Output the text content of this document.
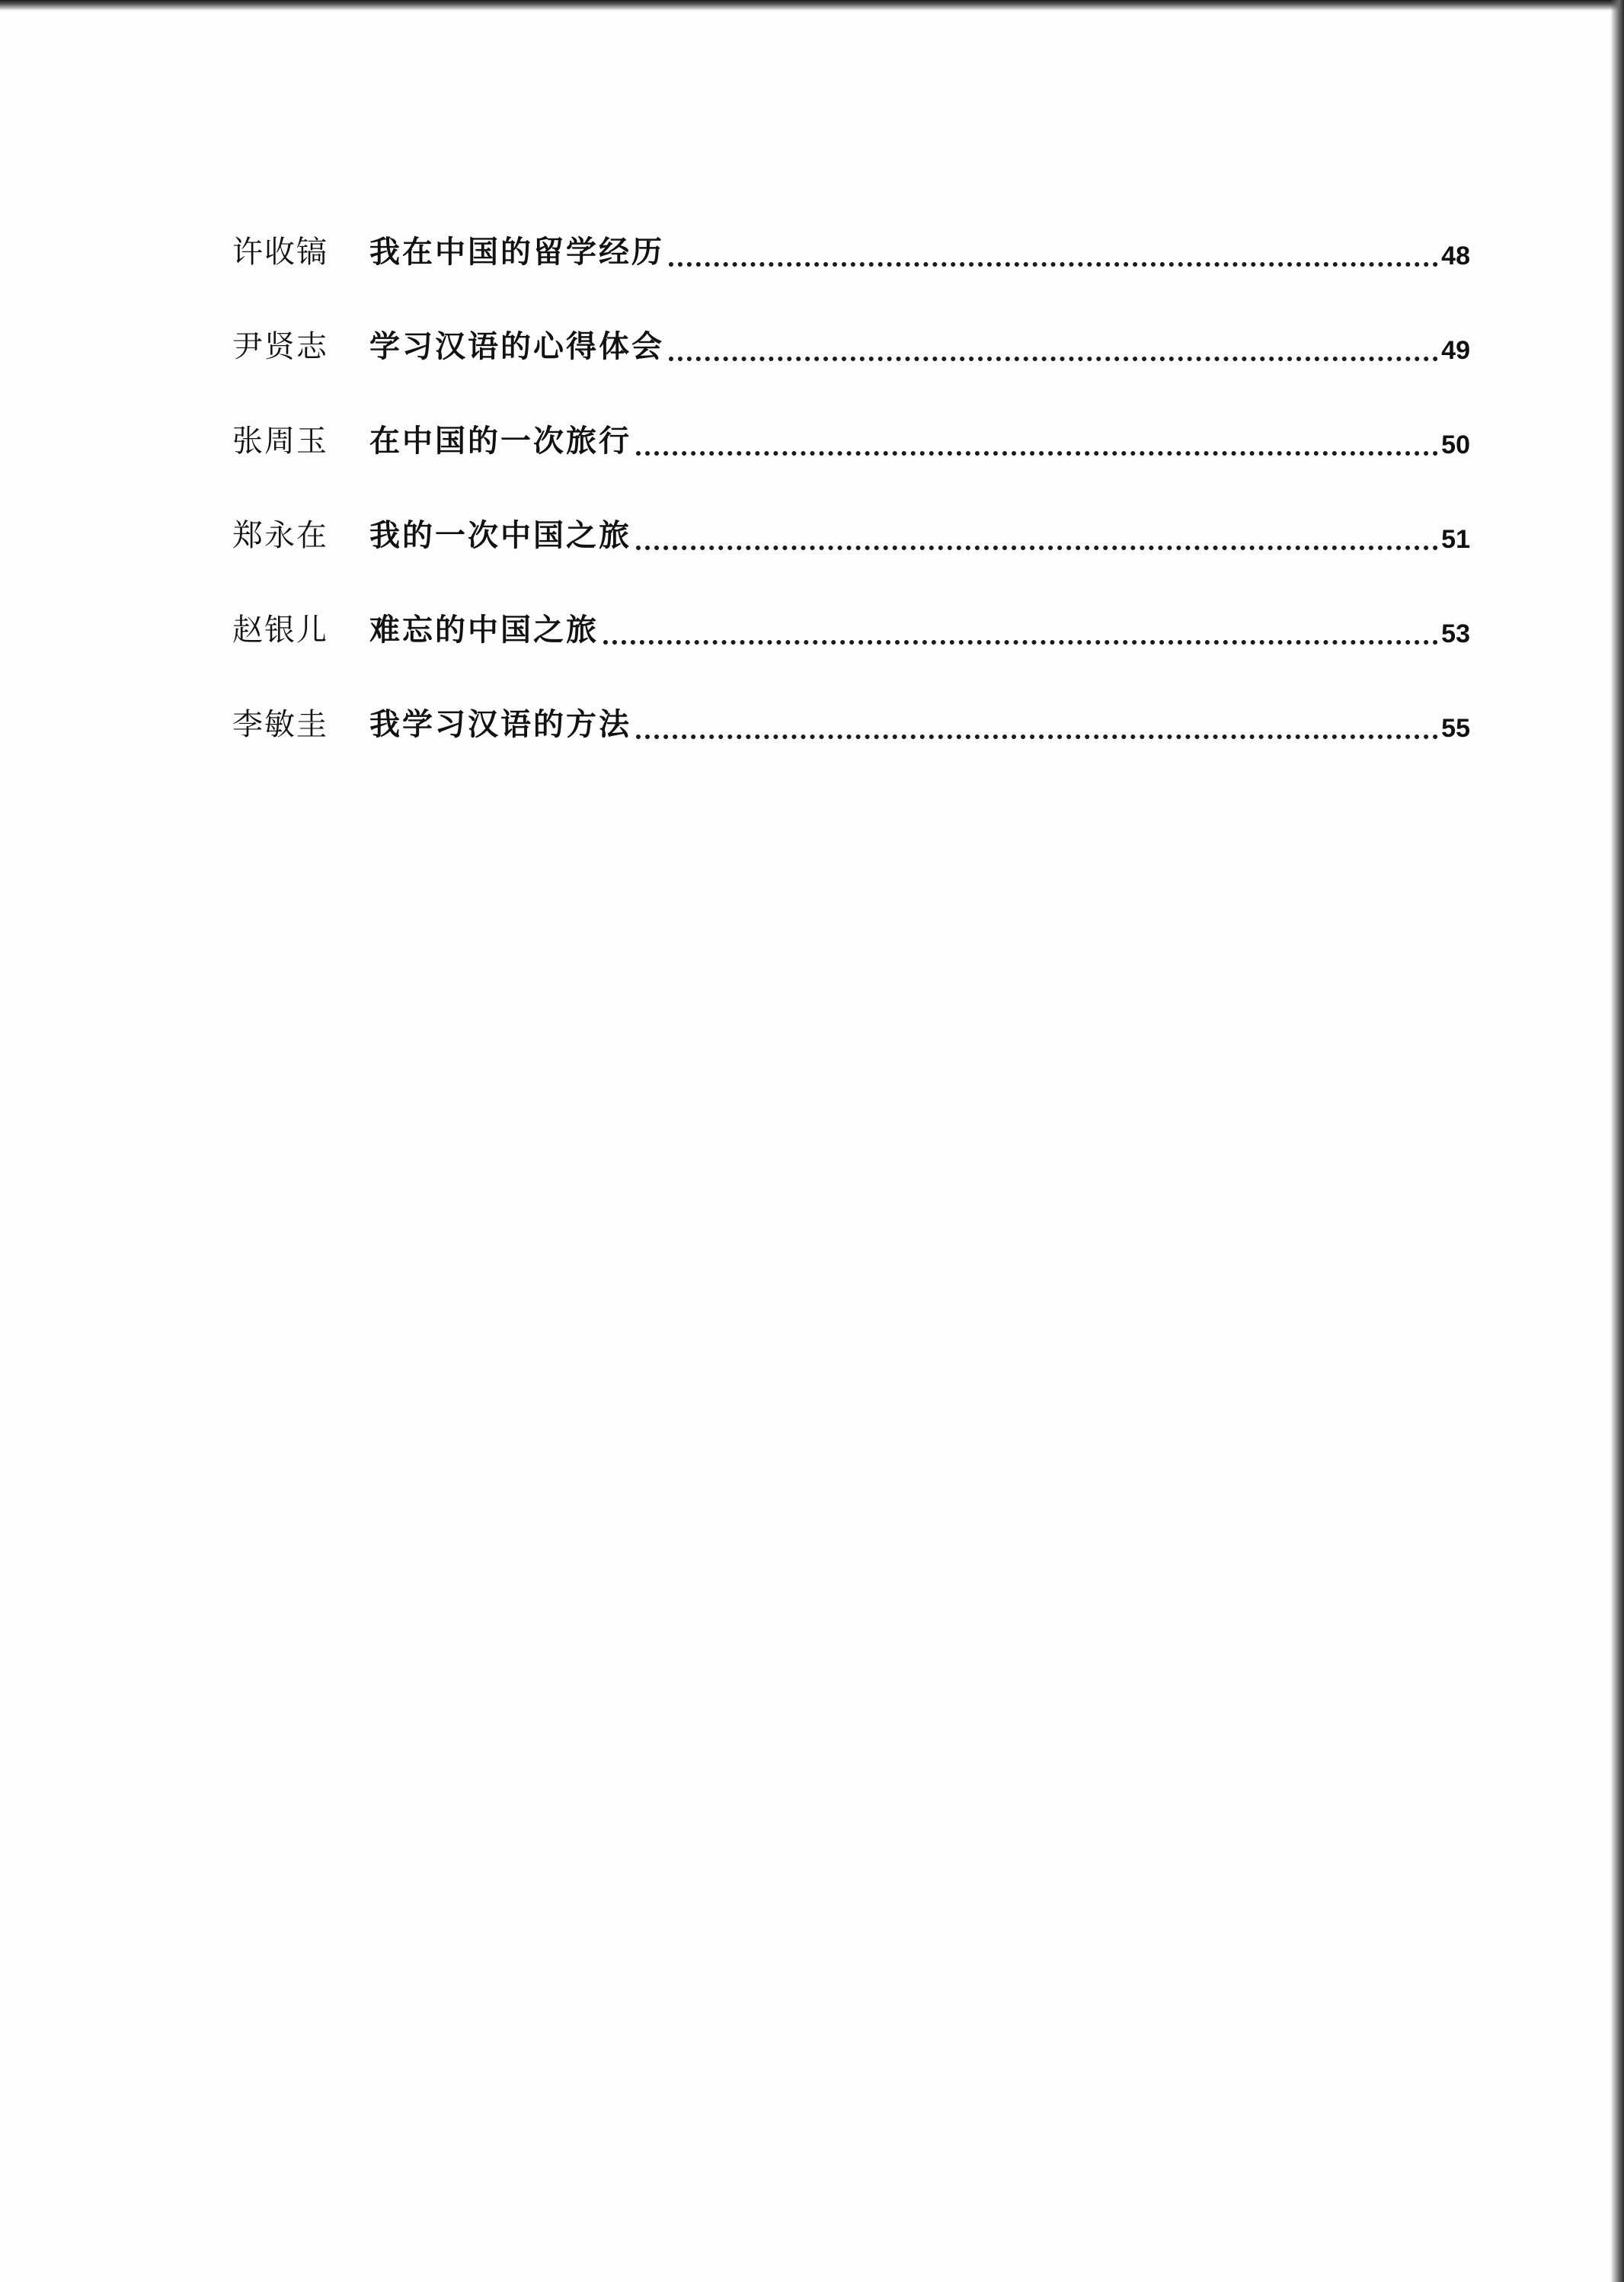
许收镐	我在中国的留学经历	48
尹贤志	学习汉语的心得体会	49
张周玉	在中国的一次旅行	50
郑永在	我的一次中国之旅	51
赵银儿	难忘的中国之旅	53
李敏圭	我学习汉语的方法	55
